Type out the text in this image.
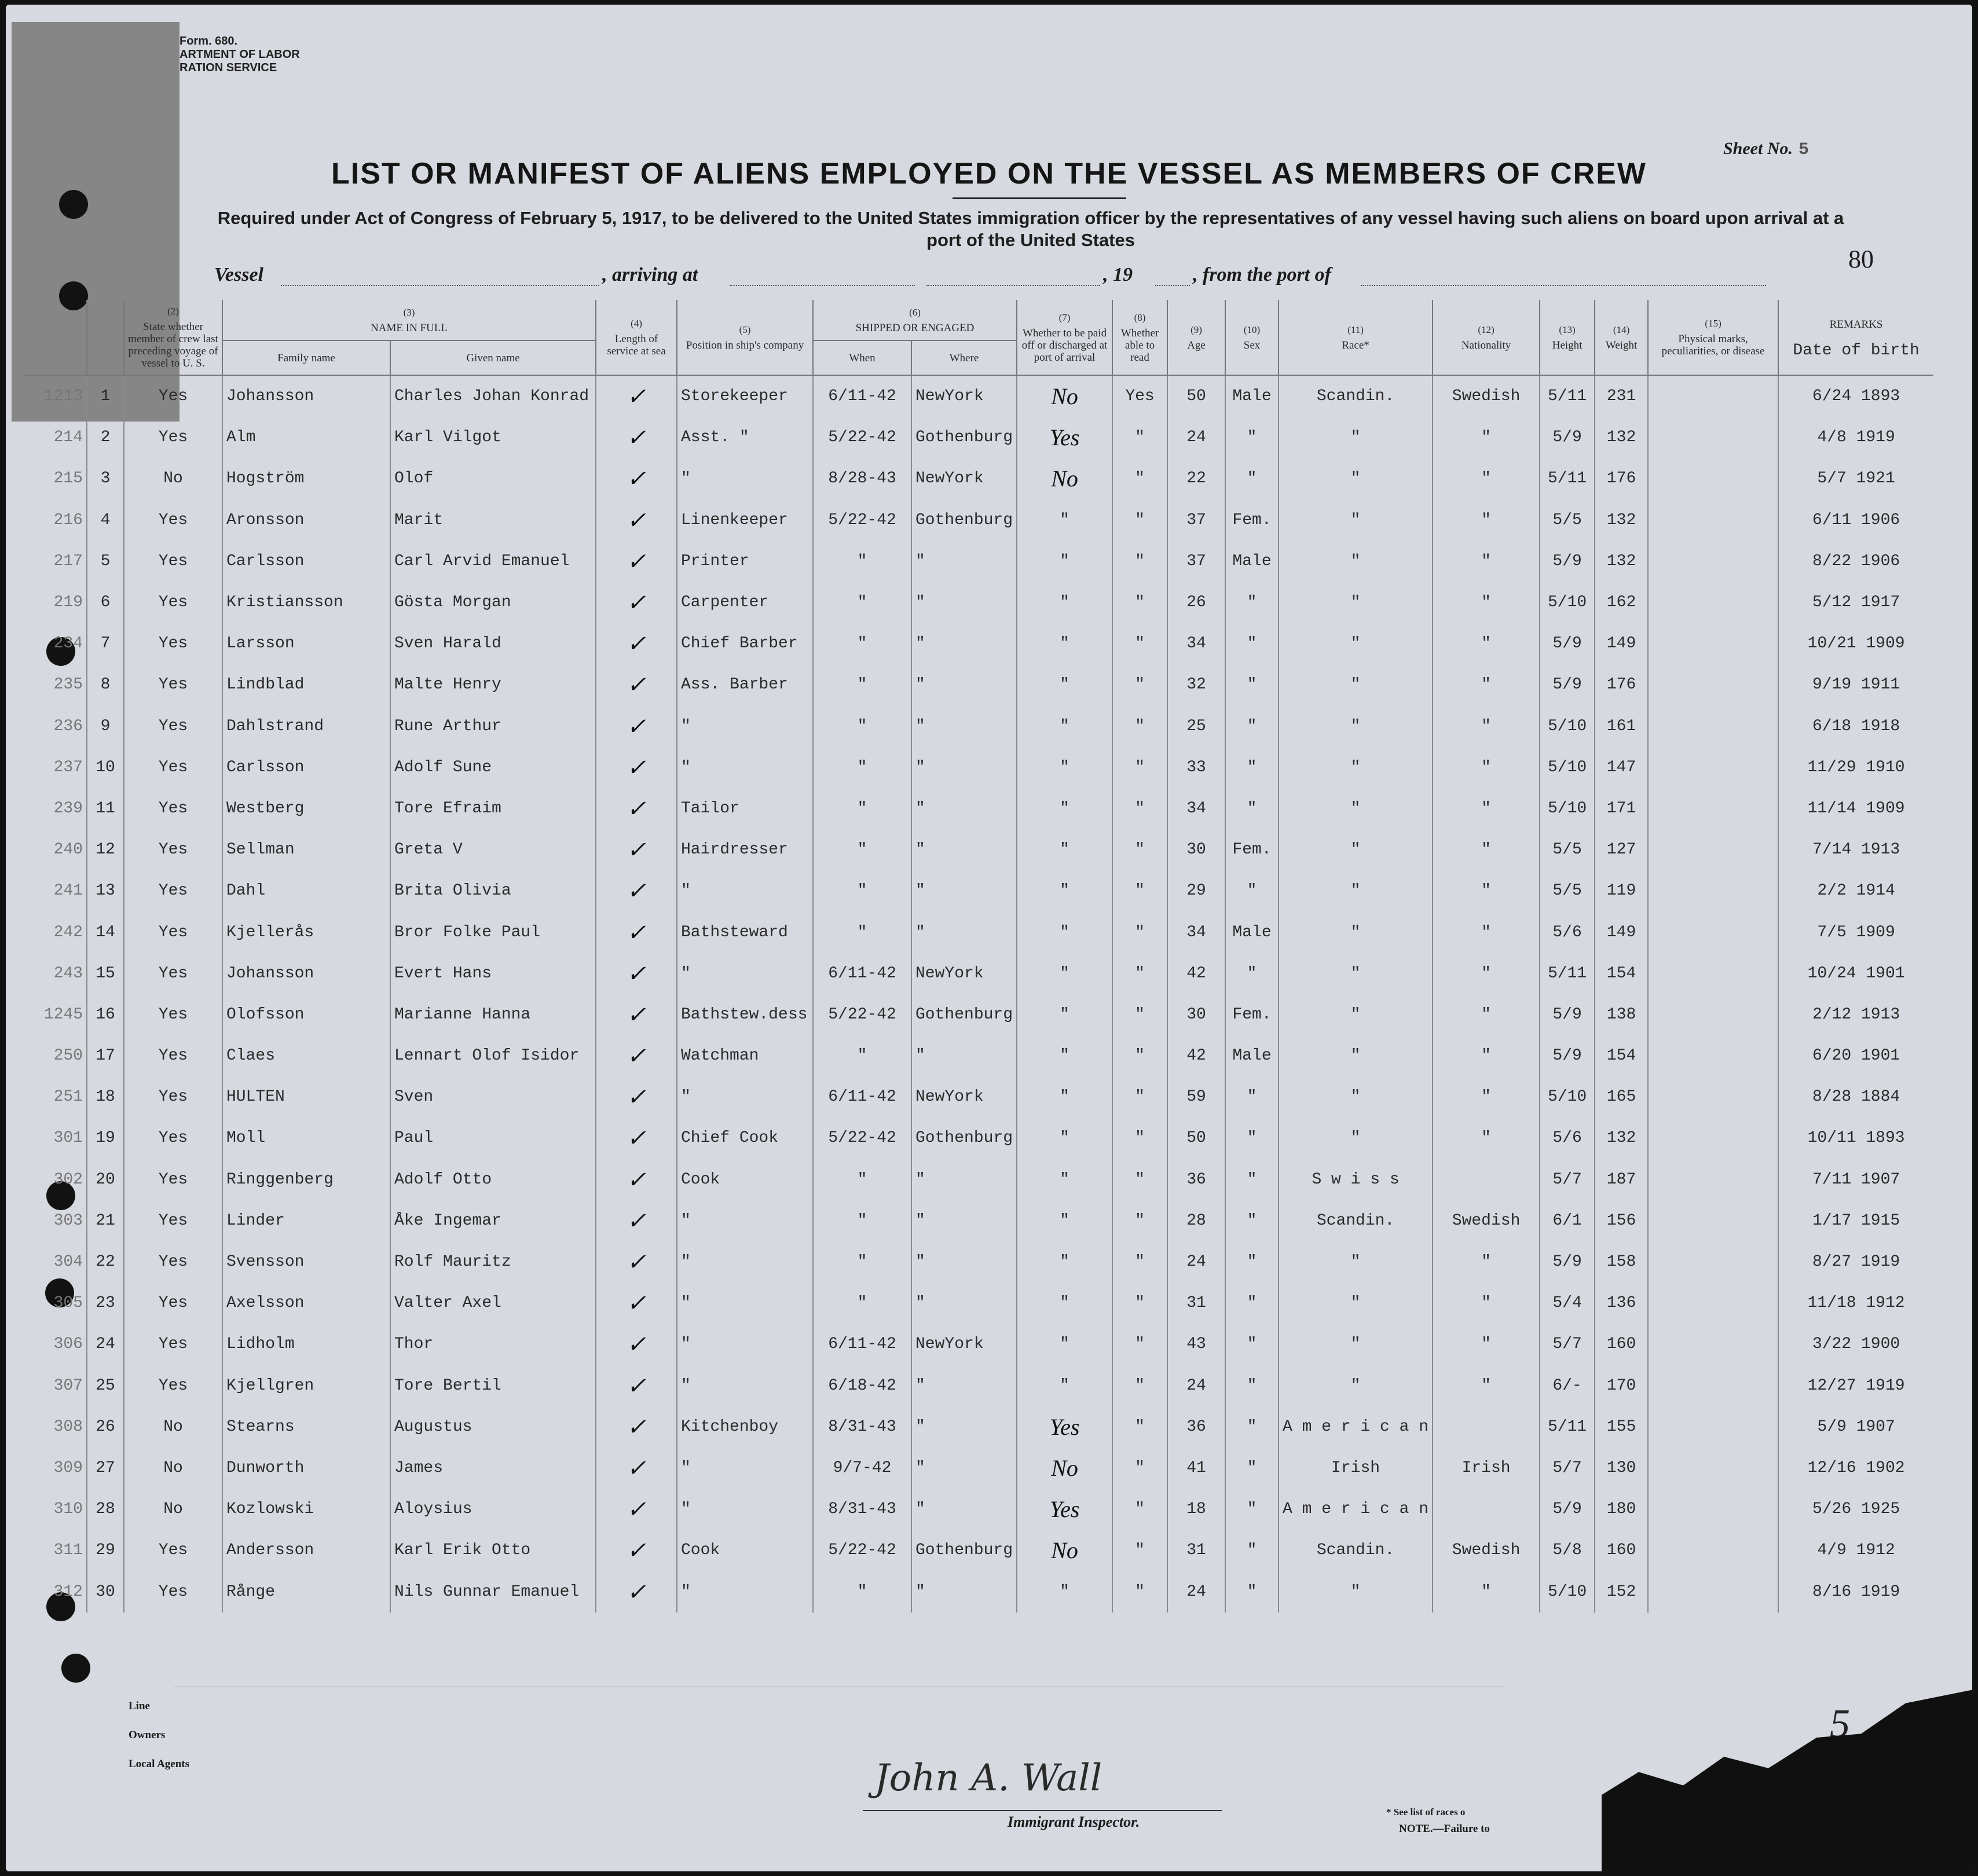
Form. 680.
ARTMENT OF LABOR
RATION SERVICE
Sheet No. 5
LIST OR MANIFEST OF ALIENS EMPLOYED ON THE VESSEL AS MEMBERS OF CREW
Required under Act of Congress of February 5, 1917, to be delivered to the United States immigration officer by the representatives of any vessel having such aliens on board upon arrival at a port of the United States
80
Vessel	, arriving at	, 19	, from the port of

		(2)
State whether member of crew last preceding voyage of vessel to U. S.	(3)
NAME IN FULL		(4)
Length of service at sea	(5)
Position in ship's company	(6)
SHIPPED OR ENGAGED		(7)
Whether to be paid off or discharged at port of arrival	(8)
Whether able to read	(9)
Age	(10)
Sex	(11)
Race*	(12)
Nationality	(13)
Height	(14)
Weight	(15)
Physical marks, peculiarities, or disease	REMARKS
Date of birth

			Family name	Given name			When	Where										
1213	1	Yes	Johansson	Charles Johan Konrad	✓	Storekeeper	6/11-42	NewYork	No	Yes	50	Male	Scandin.	Swedish	5/11	231		6/24 1893
214	2	Yes	Alm	Karl Vilgot	✓	Asst. "	5/22-42	Gothenburg	Yes	"	24	"	"	"	5/9	132		4/8 1919
215	3	No	Hogström	Olof	✓	"	8/28-43	NewYork	No	"	22	"	"	"	5/11	176		5/7 1921
216	4	Yes	Aronsson	Marit	✓	Linenkeeper	5/22-42	Gothenburg	"	"	37	Fem.	"	"	5/5	132		6/11 1906
217	5	Yes	Carlsson	Carl Arvid Emanuel	✓	Printer	"	"	"	"	37	Male	"	"	5/9	132		8/22 1906
219	6	Yes	Kristiansson	Gösta Morgan	✓	Carpenter	"	"	"	"	26	"	"	"	5/10	162		5/12 1917
234	7	Yes	Larsson	Sven Harald	✓	Chief Barber	"	"	"	"	34	"	"	"	5/9	149		10/21 1909
235	8	Yes	Lindblad	Malte Henry	✓	Ass. Barber	"	"	"	"	32	"	"	"	5/9	176		9/19 1911
236	9	Yes	Dahlstrand	Rune Arthur	✓	"	"	"	"	"	25	"	"	"	5/10	161		6/18 1918
237	10	Yes	Carlsson	Adolf Sune	✓	"	"	"	"	"	33	"	"	"	5/10	147		11/29 1910
239	11	Yes	Westberg	Tore Efraim	✓	Tailor	"	"	"	"	34	"	"	"	5/10	171		11/14 1909
240	12	Yes	Sellman	Greta V	✓	Hairdresser	"	"	"	"	30	Fem.	"	"	5/5	127		7/14 1913
241	13	Yes	Dahl	Brita Olivia	✓	"	"	"	"	"	29	"	"	"	5/5	119		2/2 1914
242	14	Yes	Kjellerås	Bror Folke Paul	✓	Bathsteward	"	"	"	"	34	Male	"	"	5/6	149		7/5 1909
243	15	Yes	Johansson	Evert Hans	✓	"	6/11-42	NewYork	"	"	42	"	"	"	5/11	154		10/24 1901
1245	16	Yes	Olofsson	Marianne Hanna	✓	Bathstew.dess	5/22-42	Gothenburg	"	"	30	Fem.	"	"	5/9	138		2/12 1913
250	17	Yes	Claes	Lennart Olof Isidor	✓	Watchman	"	"	"	"	42	Male	"	"	5/9	154		6/20 1901
251	18	Yes	HULTEN	Sven	✓	"	6/11-42	NewYork	"	"	59	"	"	"	5/10	165		8/28 1884
301	19	Yes	Moll	Paul	✓	Chief Cook	5/22-42	Gothenburg	"	"	50	"	"	"	5/6	132		10/11 1893
302	20	Yes	Ringgenberg	Adolf Otto	✓	Cook	"	"	"	"	36	"	S w i s s		5/7	187		7/11 1907
303	21	Yes	Linder	Åke Ingemar	✓	"	"	"	"	"	28	"	Scandin.	Swedish	6/1	156		1/17 1915
304	22	Yes	Svensson	Rolf Mauritz	✓	"	"	"	"	"	24	"	"	"	5/9	158		8/27 1919
305	23	Yes	Axelsson	Valter Axel	✓	"	"	"	"	"	31	"	"	"	5/4	136		11/18 1912
306	24	Yes	Lidholm	Thor	✓	"	6/11-42	NewYork	"	"	43	"	"	"	5/7	160		3/22 1900
307	25	Yes	Kjellgren	Tore Bertil	✓	"	6/18-42	"	"	"	24	"	"	"	6/-	170		12/27 1919
308	26	No	Stearns	Augustus	✓	Kitchenboy	8/31-43	"	Yes	"	36	"	A m e r i c a n		5/11	155		5/9 1907
309	27	No	Dunworth	James	✓	"	9/7-42	"	No	"	41	"	Irish	Irish	5/7	130		12/16 1902
310	28	No	Kozlowski	Aloysius	✓	"	8/31-43	"	Yes	"	18	"	A m e r i c a n		5/9	180		5/26 1925
311	29	Yes	Andersson	Karl Erik Otto	✓	Cook	5/22-42	Gothenburg	No	"	31	"	Scandin.	Swedish	5/8	160		4/9 1912
312	30	Yes	Rånge	Nils Gunnar Emanuel	✓	"	"	"	"	"	24	"	"	"	5/10	152		8/16 1919
Line
Owners
Local Agents	John A. Wall
Immigrant Inspector.
* See list of races o
NOTE.—Failure to
5
